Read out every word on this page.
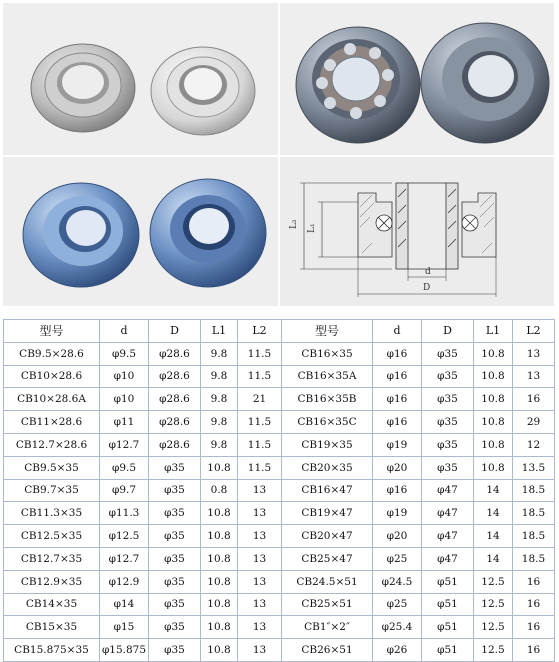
L₂ L₁
d
D
型号	d	D	L1	L2	型号	d	D	L1	L2
CB9.5×28.6	φ9.5	φ28.6	9.8	11.5	CB16×35	φ16	φ35	10.8	13
CB10×28.6	φ10	φ28.6	9.8	11.5	CB16×35A	φ16	φ35	10.8	13
CB10×28.6A	φ10	φ28.6	9.8	21	CB16×35B	φ16	φ35	10.8	16
CB11×28.6	φ11	φ28.6	9.8	11.5	CB16×35C	φ16	φ35	10.8	29
CB12.7×28.6	φ12.7	φ28.6	9.8	11.5	CB19×35	φ19	φ35	10.8	12
CB9.5×35	φ9.5	φ35	10.8	11.5	CB20×35	φ20	φ35	10.8	13.5
CB9.7×35	φ9.7	φ35	0.8	13	CB16×47	φ16	φ47	14	18.5
CB11.3×35	φ11.3	φ35	10.8	13	CB19×47	φ19	φ47	14	18.5
CB12.5×35	φ12.5	φ35	10.8	13	CB20×47	φ20	φ47	14	18.5
CB12.7×35	φ12.7	φ35	10.8	13	CB25×47	φ25	φ47	14	18.5
CB12.9×35	φ12.9	φ35	10.8	13	CB24.5×51	φ24.5	φ51	12.5	16
CB14×35	φ14	φ35	10.8	13	CB25×51	φ25	φ51	12.5	16
CB15×35	φ15	φ35	10.8	13	CB1″×2″	φ25.4	φ51	12.5	16
CB15.875×35	φ15.875	φ35	10.8	13	CB26×51	φ26	φ51	12.5	16
